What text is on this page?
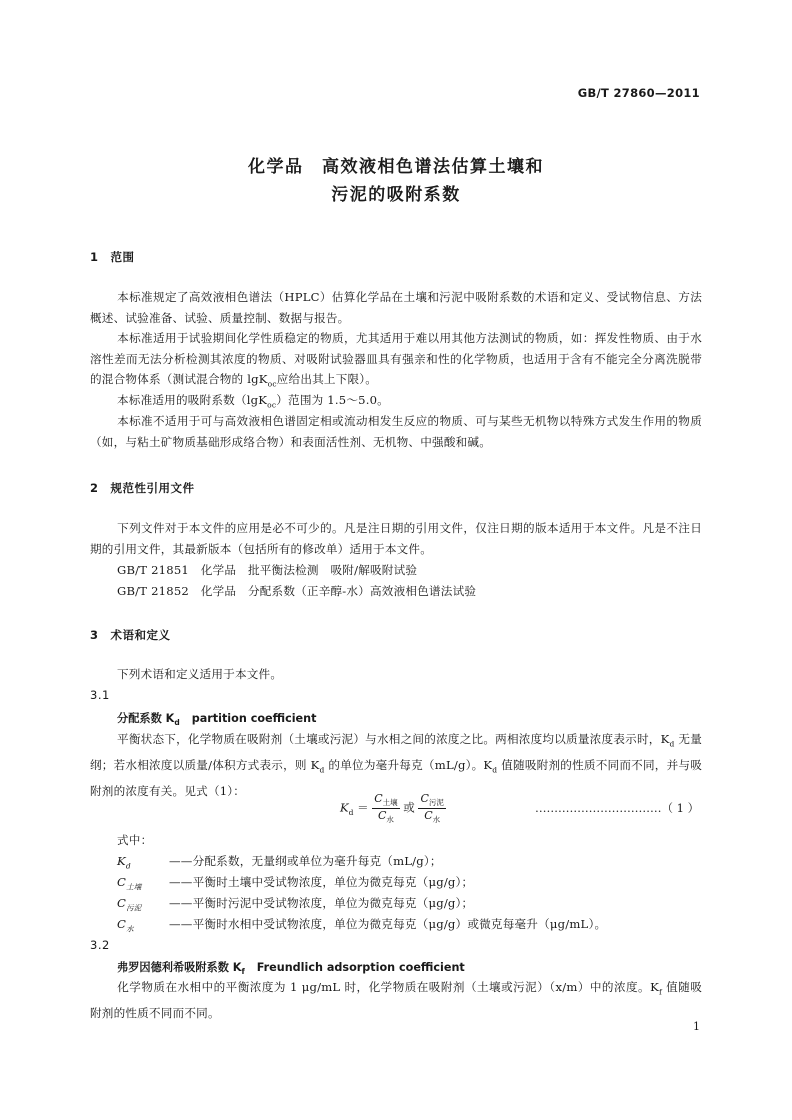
GB/T 27860—2011
化学品　高效液相色谱法估算土壤和
污泥的吸附系数
1　范围
本标准规定了高效液相色谱法（HPLC）估算化学品在土壤和污泥中吸附系数的术语和定义、受试物信息、方法概述、试验准备、试验、质量控制、数据与报告。
本标准适用于试验期间化学性质稳定的物质，尤其适用于难以用其他方法测试的物质，如：挥发性物质、由于水溶性差而无法分析检测其浓度的物质、对吸附试验器皿具有强亲和性的化学物质，也适用于含有不能完全分离洗脱带的混合物体系（测试混合物的 lgK$_{oc}$应给出其上下限）。
本标准适用的吸附系数（lgK$_{oc}$）范围为 1.5～5.0。
本标准不适用于可与高效液相色谱固定相或流动相发生反应的物质、可与某些无机物以特殊方式发生作用的物质（如，与粘土矿物质基础形成络合物）和表面活性剂、无机物、中强酸和碱。
2　规范性引用文件
下列文件对于本文件的应用是必不可少的。凡是注日期的引用文件，仅注日期的版本适用于本文件。凡是不注日期的引用文件，其最新版本（包括所有的修改单）适用于本文件。
GB/T 21851　化学品　批平衡法检测　吸附/解吸附试验
GB/T 21852　化学品　分配系数（正辛醇-水）高效液相色谱法试验
3　术语和定义
下列术语和定义适用于本文件。
3.1
分配系数 $K_d$ partition coefficient
平衡状态下，化学物质在吸附剂（土壤或污泥）与水相之间的浓度之比。两相浓度均以质量浓度表示时，$K_d$ 无量纲；若水相浓度以质量/体积方式表示，则 $K_d$ 的单位为毫升每克（mL/g）。$K_d$ 值随吸附剂的性质不同而不同，并与吸附剂的浓度有关。见式（1）：
$K_d = \frac{C_{土壤}}{C_水}$ 或 $\frac{C_{污泥}}{C_水}$	……………………………（ 1 ）
式中：
$K_d$	——分配系数，无量纲或单位为毫升每克（mL/g）；
$C_{土壤}$ ——平衡时土壤中受试物浓度，单位为微克每克（μg/g）；
$C_{污泥}$ ——平衡时污泥中受试物浓度，单位为微克每克（μg/g）；
$C_水$	——平衡时水相中受试物浓度，单位为微克每克（μg/g）或微克每毫升（μg/mL）。
3.2
弗罗因德利希吸附系数 $K_f$ Freundlich adsorption coefficient
化学物质在水相中的平衡浓度为 1 μg/mL 时，化学物质在吸附剂（土壤或污泥）（x/m）中的浓度。$K_f$ 值随吸附剂的性质不同而不同。
1
